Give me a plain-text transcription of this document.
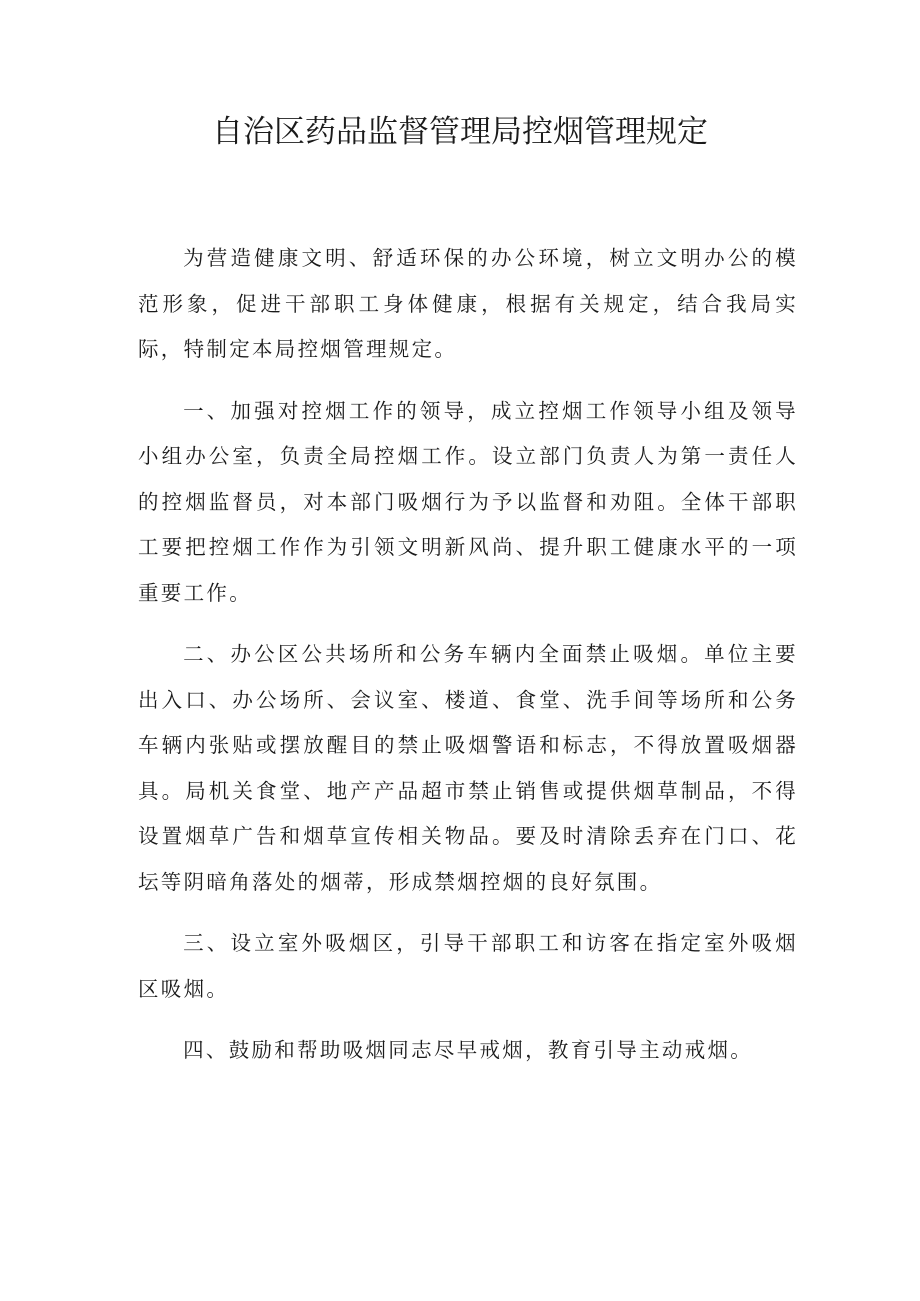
自治区药品监督管理局控烟管理规定

为营造健康文明、舒适环保的办公环境，树立文明办公的模范形象，促进干部职工身体健康，根据有关规定，结合我局实际，特制定本局控烟管理规定。

一、加强对控烟工作的领导，成立控烟工作领导小组及领导小组办公室，负责全局控烟工作。设立部门负责人为第一责任人的控烟监督员，对本部门吸烟行为予以监督和劝阻。全体干部职工要把控烟工作作为引领文明新风尚、提升职工健康水平的一项重要工作。

二、办公区公共场所和公务车辆内全面禁止吸烟。单位主要出入口、办公场所、会议室、楼道、食堂、洗手间等场所和公务车辆内张贴或摆放醒目的禁止吸烟警语和标志，不得放置吸烟器具。局机关食堂、地产产品超市禁止销售或提供烟草制品，不得设置烟草广告和烟草宣传相关物品。要及时清除丢弃在门口、花坛等阴暗角落处的烟蒂，形成禁烟控烟的良好氛围。

三、设立室外吸烟区，引导干部职工和访客在指定室外吸烟区吸烟。

四、鼓励和帮助吸烟同志尽早戒烟，教育引导主动戒烟。
